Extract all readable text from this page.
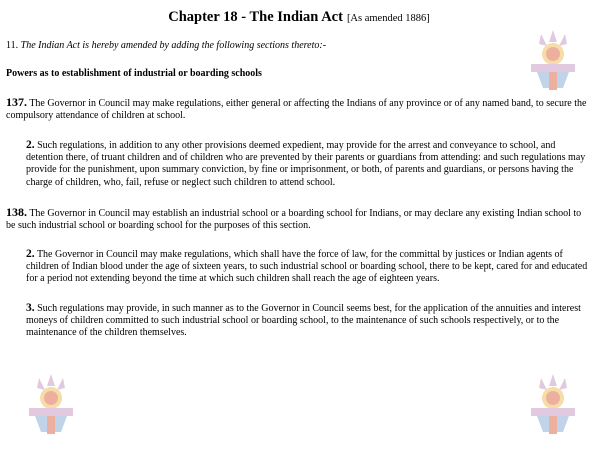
Chapter 18 - The Indian Act [As amended 1886]
11. The Indian Act is hereby amended by adding the following sections thereto:-
Powers as to establishment of industrial or boarding schools
137. The Governor in Council may make regulations, either general or affecting the Indians of any province or of any named band, to secure the compulsory attendance of children at school.
2. Such regulations, in addition to any other provisions deemed expedient, may provide for the arrest and conveyance to school, and detention there, of truant children and of children who are prevented by their parents or guardians from attending: and such regulations may provide for the punishment, upon summary conviction, by fine or imprisonment, or both, of parents and guardians, or persons having the charge of children, who, fail, refuse or neglect such children to attend school.
138. The Governor in Council may establish an industrial school or a boarding school for Indians, or may declare any existing Indian school to be such industrial school or boarding school for the purposes of this section.
2. The Governor in Council may make regulations, which shall have the force of law, for the committal by justices or Indian agents of children of Indian blood under the age of sixteen years, to such industrial school or boarding school, there to be kept, cared for and educated for a period not extending beyond the time at which such children shall reach the age of eighteen years.
3. Such regulations may provide, in such manner as to the Governor in Council seems best, for the application of the annuities and interest moneys of children committed to such industrial school or boarding school, to the maintenance of such schools respectively, or to the maintenance of the children themselves.
